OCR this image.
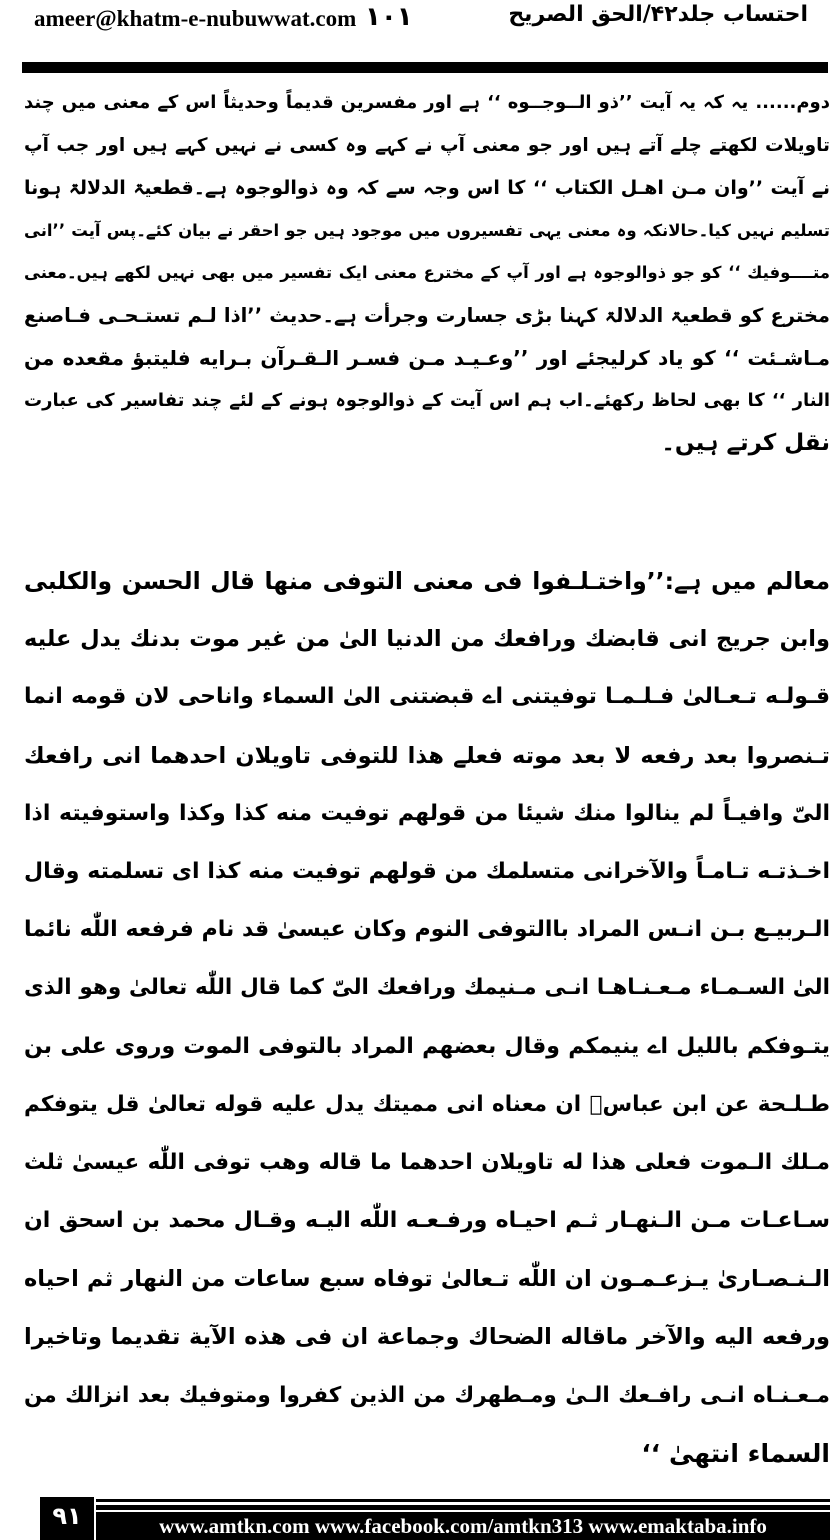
ameer@khatm-e-nubuwwat.com ١٠١	احتساب جلد۴۲/الحق الصریح
دوم...... یہ کہ یہ آیت ’’ذو الــوجــوه ‘‘ ہے اور مفسرین قدیماً وحدیثاً اس کے معنی میں چند
تاویلات لکھتے چلے آتے ہیں اور جو معنی آپ نے کہے وہ کسی نے نہیں کہے ہیں اور جب آپ
نے آیت ’’وان مـن اهـل الكتاب ‘‘ کا اس وجہ سے کہ وہ ذوالوجوہ ہے۔قطعیۃ الدلالۃ ہونا
تسلیم نہیں کیا۔حالانکہ وہ معنی یہی تفسیروں میں موجود ہیں جو احقر نے بیان کئے۔پس آیت ’’انی
متــــوفيك ‘‘ کو جو ذوالوجوہ ہے اور آپ کے مخترع معنی ایک تفسیر میں بھی نہیں لکھے ہیں۔معنی
مخترع کو قطعیۃ الدلالۃ کہنا بڑی جسارت وجرأت ہے۔حدیث ’’اذا لـم تستـحـى فـاصنع
مـاشـئت ‘‘ کو یاد کرلیجئے اور ’’وعـيـد مـن فسـر الـقـرآن بـرايه فليتبؤ مقعده من
النار ‘‘ کا بھی لحاظ رکھئے۔اب ہم اس آیت کے ذوالوجوہ ہونے کے لئے چند تفاسیر کی عبارت
نقل کرتے ہیں۔
معالم میں ہے:’’واختـلـفوا فى معنى التوفى منها قال الحسن والكلبى
وابن جريج انى قابضك ورافعك من الدنيا الىٰ من غير موت بدنك يدل عليه
قـولـه تـعـالىٰ فـلـمـا توفيتنى اے قبضتنى الىٰ السماء واناحى لان قومه انما
تـنصروا بعد رفعه لا بعد موته فعلے هذا للتوفى تاويلان احدهما انى رافعك
الىّ وافيـاً لم ينالوا منك شيئا من قولهم توفيت منه كذا وكذا واستوفيته اذا
اخـذتـه تـامـاً والآخرانى متسلمك من قولهم توفيت منه كذا اى تسلمته وقال
الـربيـع بـن انـس المراد باالتوفى النوم وكان عيسىٰ قد نام فرفعه اللّٰه نائما
الىٰ السـمـاء مـعـنـاهـا انـى مـنيمك ورافعك الىّ كما قال اللّٰه تعالىٰ وهو الذى
يتـوفكم بالليل اے ينيمكم وقال بعضهم المراد بالتوفى الموت وروى على بن
طـلـحة عن ابن عباسؓ ان معناه انى مميتك يدل عليه قوله تعالىٰ قل يتوفكم
مـلك الـموت فعلى هذا له تاويلان احدهما ما قاله وهب توفى اللّٰه عيسىٰ ثلث
سـاعـات مـن الـنهـار ثـم احيـاه ورفـعـه اللّٰه اليـه وقـال محمد بن اسحق ان
الـنـصـارىٰ يـزعـمـون ان اللّٰه تـعالىٰ توفاه سبع ساعات من النهار ثم احياه
ورفعه اليه والآخر ماقاله الضحاك وجماعة ان فى هذه الآية تقديما وتاخيرا
مـعـنـاه انـى رافـعك الـىٰ ومـطهرك من الذين كفروا ومتوفيك بعد انزالك من
السماء انتهىٰ ‘‘
٩١	www.amtkn.com www.facebook.com/amtkn313 www.emaktaba.info
